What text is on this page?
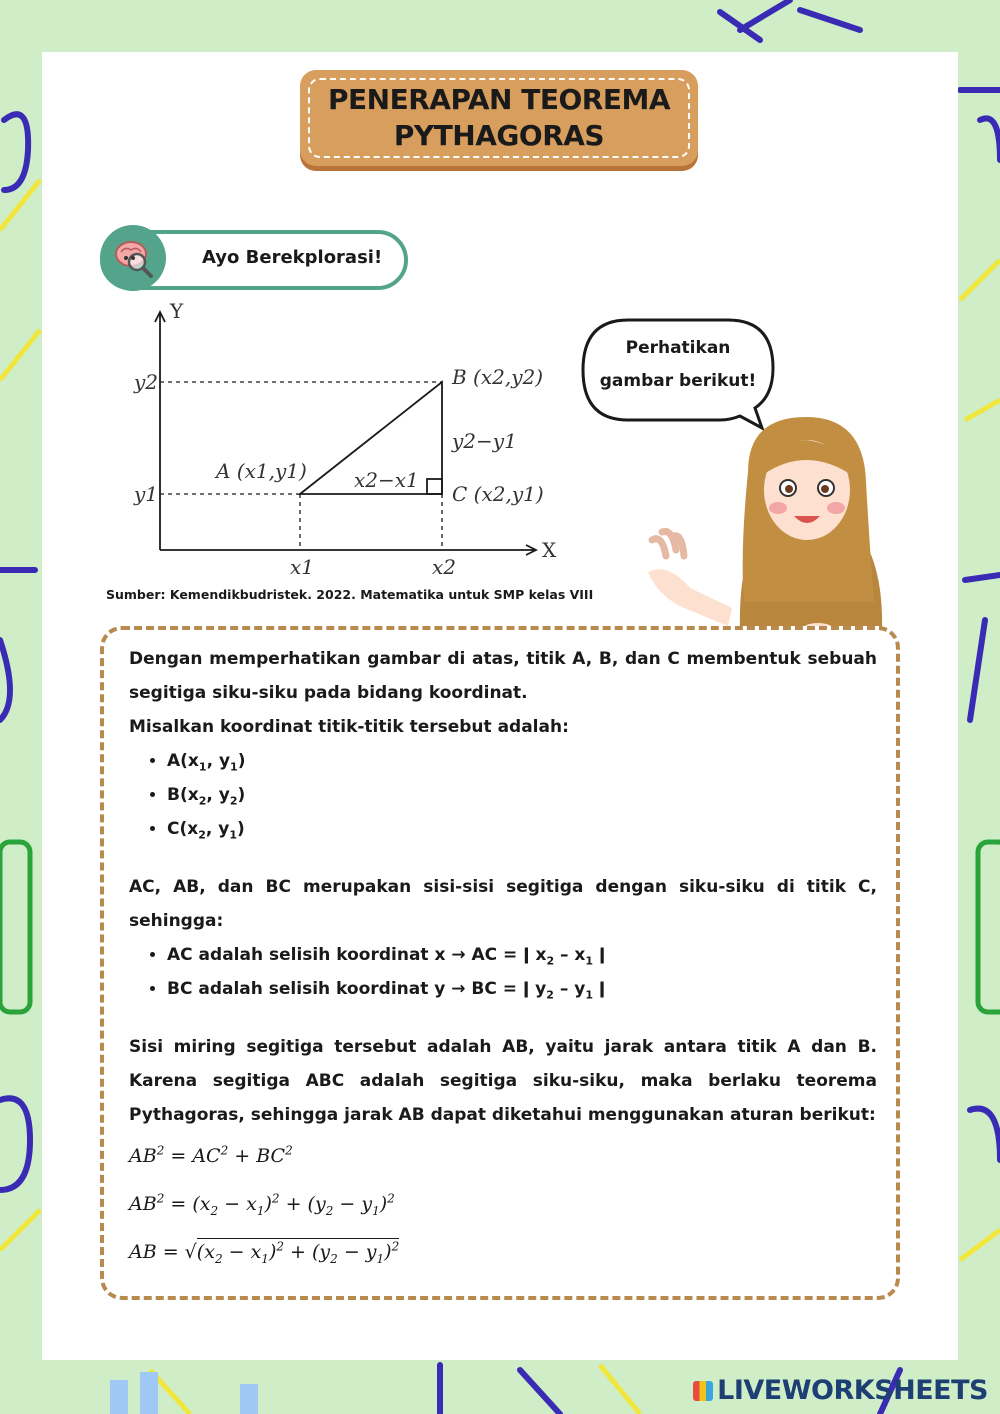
PENERAPAN TEOREMA
PYTHAGORAS
Ayo Berekplorasi!
Y
X
y2
y1
x1	x2
B (x2,y2)
A (x1,y1)
C (x2,y1)
y2−y1
x2−x1
Sumber: Kemendikbudristek. 2022. Matematika untuk SMP kelas VIII
Perhatikan
gambar berikut!

Dengan memperhatikan gambar di atas, titik A, B, dan C membentuk sebuah segitiga siku-siku pada bidang koordinat.

Misalkan koordinat titik-titik tersebut adalah:

• $A(x_1$, $y_1$)
• $B(x_2$, $y_2$)
• $C(x_2$, $y_1$)

AC, AB, dan BC merupakan sisi-sisi segitiga dengan siku-siku di titik C, sehingga:

• AC adalah selisih koordinat x → AC = ǀ $x_2 - x_1$ ǀ
• BC adalah selisih koordinat y → BC = ǀ $y_2 - y_1$ ǀ

Sisi miring segitiga tersebut adalah AB, yaitu jarak antara titik A dan B. Karena segitiga ABC adalah segitiga siku-siku, maka berlaku teorema Pythagoras, sehingga jarak AB dapat diketahui menggunakan aturan berikut:

$AB^2 = AC^2 + BC^2$

$AB^2 = (x_2 - x_1)^2 + (y_2 - y_1)^2$

AB = $√(x_2 - x_1)^2 + (y_2 - y_1)^2$

LIVEWORKSHEETS
